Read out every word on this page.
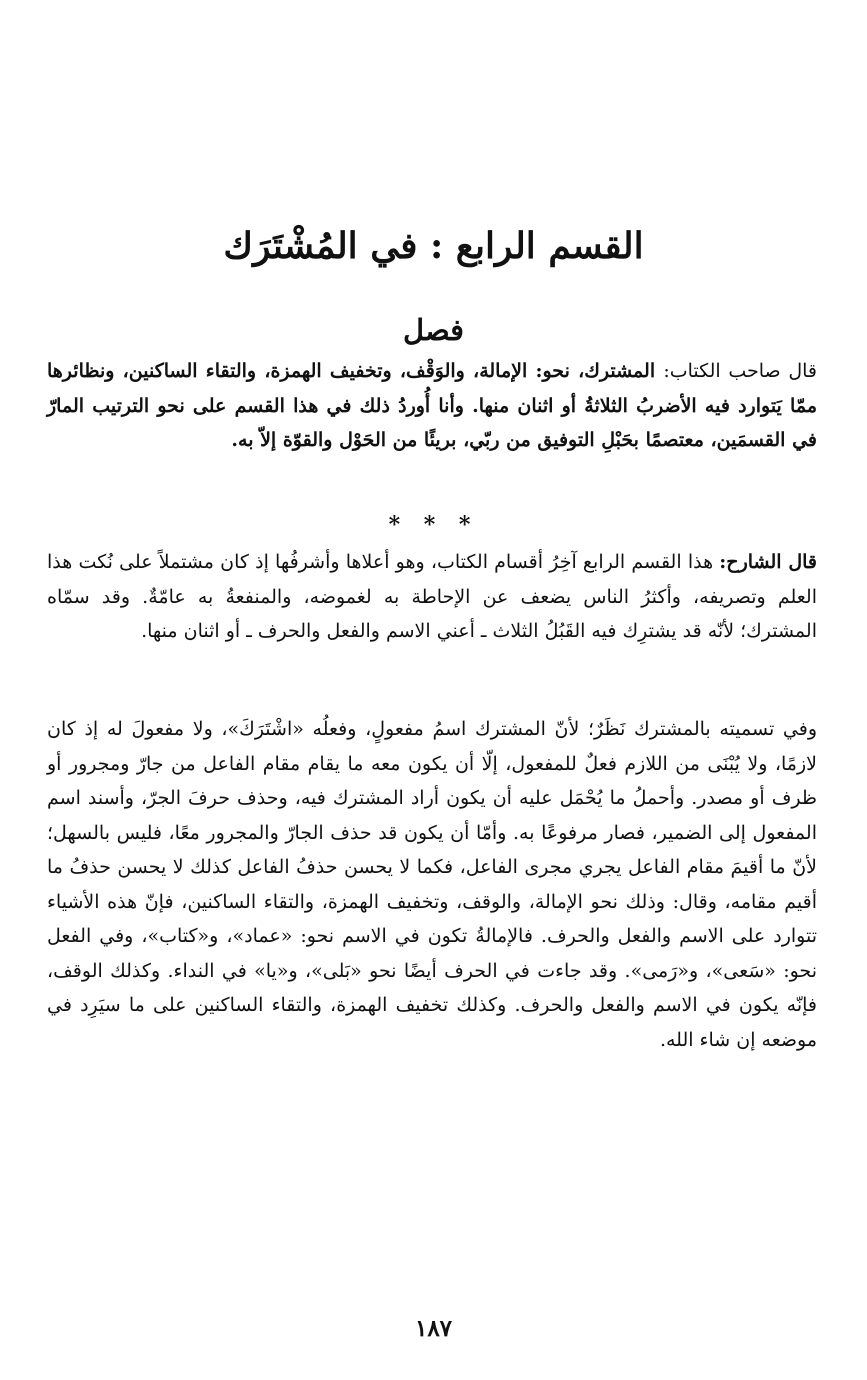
القسم الرابع : في المُشْتَرَك
فصل

قال صاحب الكتاب: المشترك، نحو: الإمالة، والوَقْف، وتخفيف الهمزة، والتقاء الساكنين، ونظائرها ممّا يَتوارد فيه الأضربُ الثلاثةُ أو اثنان منها. وأنا أُوردُ ذلك في هذا القسم على نحو الترتيب المارّ في القسمَين، معتصمًا بحَبْلِ التوفيق من ربّي، بريئًا من الحَوْل والقوّة إلاّ به.

* * *

قال الشارح: هذا القسم الرابع آخِرُ أقسام الكتاب، وهو أعلاها وأشرفُها إذ كان مشتملاً على نُكت هذا العلم وتصريفه، وأكثرُ الناس يضعف عن الإحاطة به لغموضه، والمنفعةُ به عامّةٌ. وقد سمّاه المشترك؛ لأنّه قد يشترِك فيه القَبُلُ الثلاث ـ أعني الاسم والفعل والحرف ـ أو اثنان منها.

وفي تسميته بالمشترك نَظَرٌ؛ لأنّ المشترك اسمُ مفعولٍ، وفعلُه «اشْتَرَكَ»، ولا مفعولَ له إذ كان لازمًا، ولا يُبْنَى من اللازم فعلٌ للمفعول، إلّا أن يكون معه ما يقام مقام الفاعل من جارّ ومجرور أو ظرف أو مصدر. وأحملُ ما يُحْمَل عليه أن يكون أراد المشترك فيه، وحذف حرفَ الجرّ، وأسند اسم المفعول إلى الضمير، فصار مرفوعًا به. وأمّا أن يكون قد حذف الجارّ والمجرور معًا، فليس بالسهل؛ لأنّ ما أقيمَ مقام الفاعل يجري مجرى الفاعل، فكما لا يحسن حذفُ الفاعل كذلك لا يحسن حذفُ ما أقيم مقامه، وقال: وذلك نحو الإمالة، والوقف، وتخفيف الهمزة، والتقاء الساكنين، فإنّ هذه الأشياء تتوارد على الاسم والفعل والحرف. فالإمالةُ تكون في الاسم نحو: «عماد»، و«كتاب»، وفي الفعل نحو: «سَعى»، و«رَمى». وقد جاءت في الحرف أيضًا نحو «بَلى»، و«يا» في النداء. وكذلك الوقف، فإنّه يكون في الاسم والفعل والحرف. وكذلك تخفيف الهمزة، والتقاء الساكنين على ما سيَرِد في موضعه إن شاء الله.

١٨٧
